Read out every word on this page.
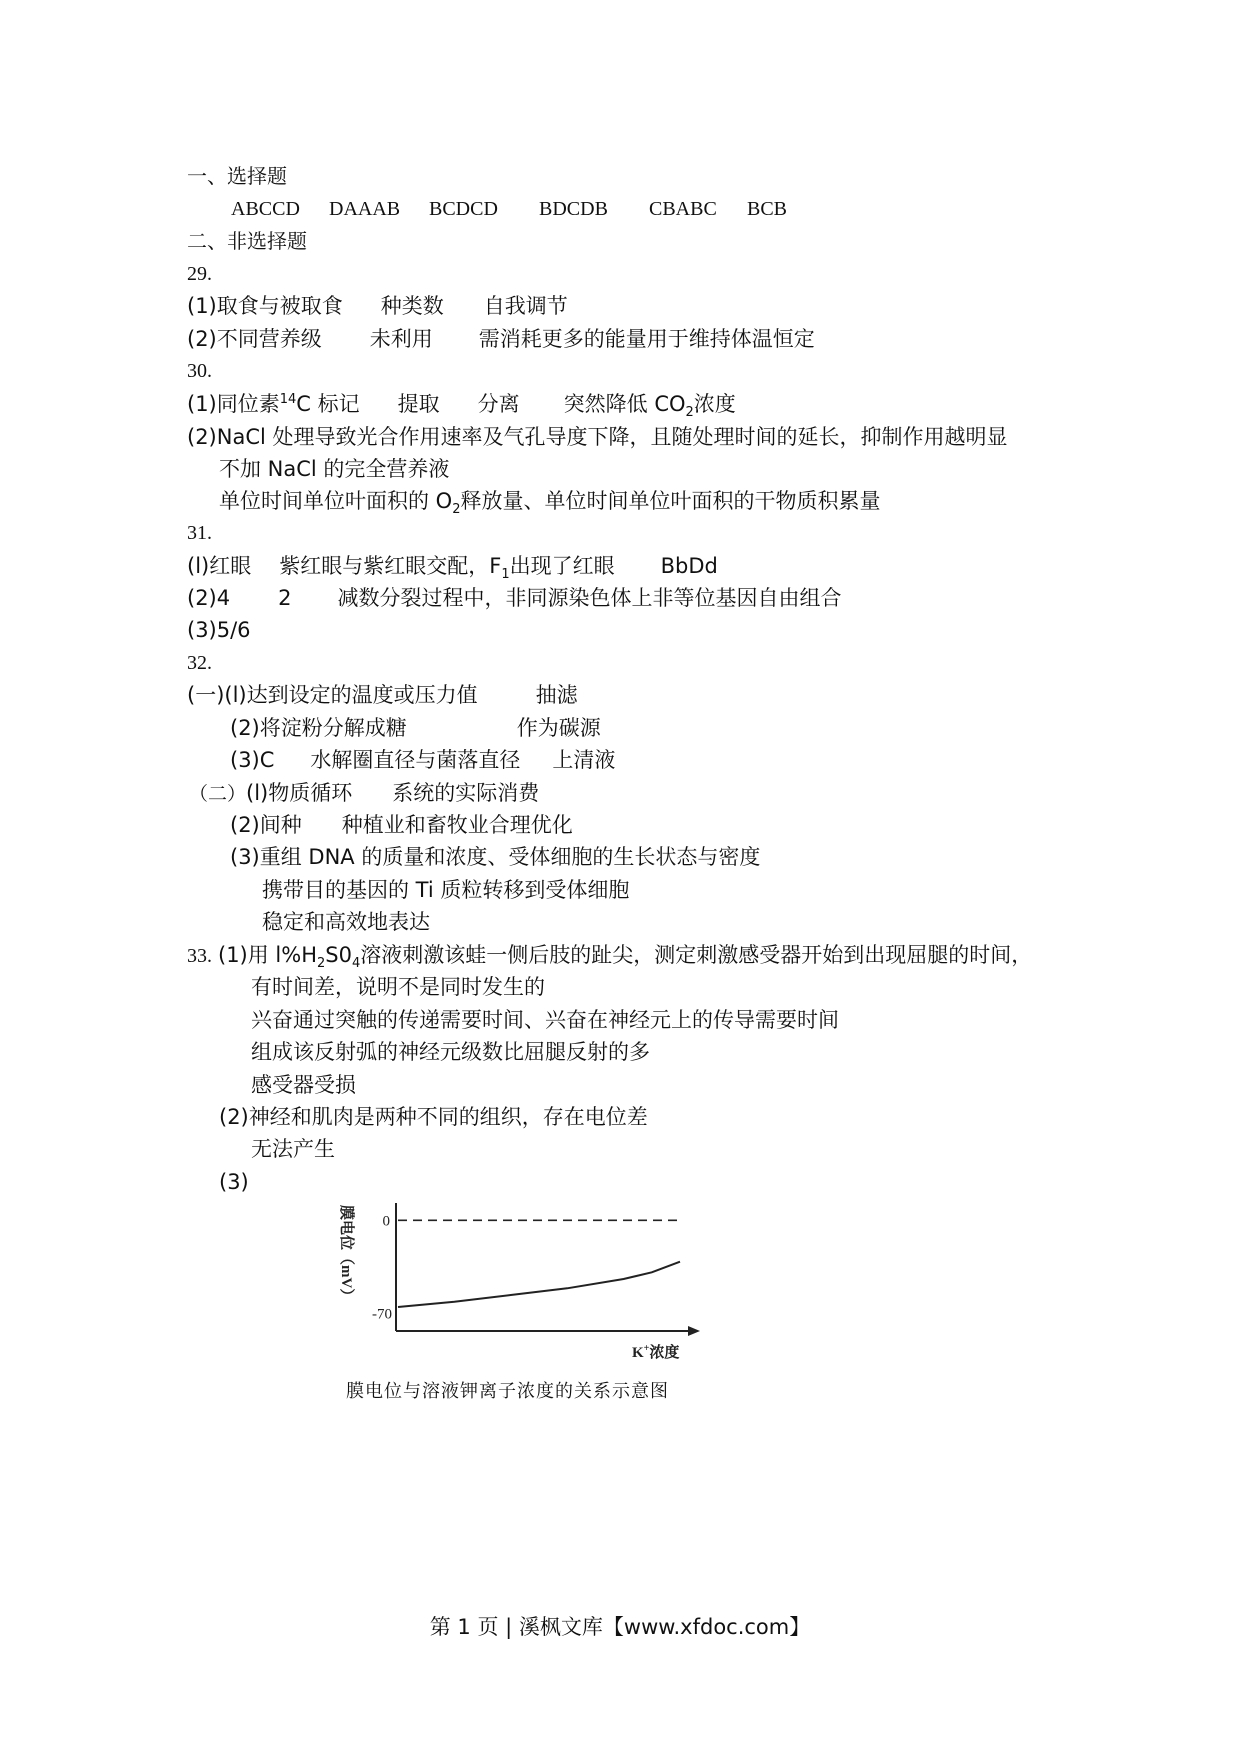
一、选择题
ABCCD DAAAB BCDCD BDCDB CBABC BCB
二、非选择题
29.
(1)取食与被取食 种类数 自我调节
(2)不同营养级 未利用 需消耗更多的能量用于维持体温恒定
30.
(1)同位素$^{14}$C 标记 提取 分离 突然降低 $CO_2$浓度
(2)NaCl 处理导致光合作用速率及气孔导度下降，且随处理时间的延长，抑制作用越明显
不加 NaCl 的完全营养液
单位时间单位叶面积的 $O_2$释放量、单位时间单位叶面积的干物质积累量
31.
(l)红眼 紫红眼与紫红眼交配，$F_1$出现了红眼 BbDd
(2)4 2 减数分裂过程中，非同源染色体上非等位基因自由组合
(3)5/6
32.
(一)(l)达到设定的温度或压力值	抽滤
(2)将淀粉分解成糖	作为碳源
(3)C 水解圈直径与菌落直径 上清液
（二）(l)物质循环 系统的实际消费
(2)间种 种植业和畜牧业合理优化
(3)重组 DNA 的质量和浓度、受体细胞的生长状态与密度
携带目的基因的 Ti 质粒转移到受体细胞
稳定和高效地表达
33. (1)用 $l\%H_2S0_4$溶液刺激该蛙一侧后肢的趾尖，测定刺激感受器开始到出现屈腿的时间，
有时间差，说明不是同时发生的
兴奋通过突触的传递需要时间、兴奋在神经元上的传导需要时间
组成该反射弧的神经元级数比屈腿反射的多
感受器受损
(2)神经和肌肉是两种不同的组织，存在电位差
无法产生
(3)
膜电位（mV） 0
-70
K+浓度
膜电位与溶液钾离子浓度的关系示意图
第 1 页 | 溪枫文库【www.xfdoc.com】
